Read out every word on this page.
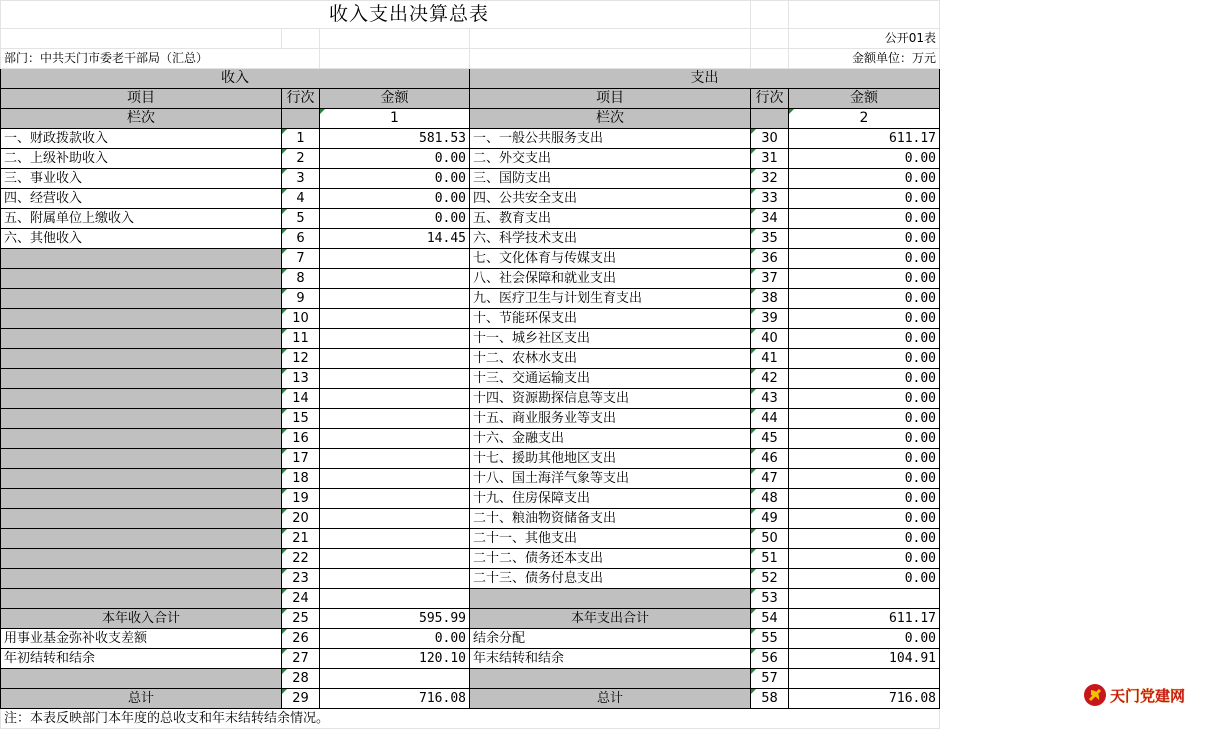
收入支出决算总表					
					公开01表
部门：中共天门市委老干部局（汇总）					金额单位：万元
收入			支出		
项目	行次	金额	项目	行次	金额
栏次		1	栏次		2
一、财政拨款收入	1	581.53	一、一般公共服务支出	30	611.17
二、上级补助收入	2	0.00	二、外交支出	31	0.00
三、事业收入	3	0.00	三、国防支出	32	0.00
四、经营收入	4	0.00	四、公共安全支出	33	0.00
五、附属单位上缴收入	5	0.00	五、教育支出	34	0.00
六、其他收入	6	14.45	六、科学技术支出	35	0.00
	7		七、文化体育与传媒支出	36	0.00
	8		八、社会保障和就业支出	37	0.00
	9		九、医疗卫生与计划生育支出	38	0.00
	10		十、节能环保支出	39	0.00
	11		十一、城乡社区支出	40	0.00
	12		十二、农林水支出	41	0.00
	13		十三、交通运输支出	42	0.00
	14		十四、资源勘探信息等支出	43	0.00
	15		十五、商业服务业等支出	44	0.00
	16		十六、金融支出	45	0.00
	17		十七、援助其他地区支出	46	0.00
	18		十八、国土海洋气象等支出	47	0.00
	19		十九、住房保障支出	48	0.00
	20		二十、粮油物资储备支出	49	0.00
	21		二十一、其他支出	50	0.00
	22		二十二、债务还本支出	51	0.00
	23		二十三、债务付息支出	52	0.00
	24			53	
本年收入合计	25	595.99	本年支出合计	54	611.17
用事业基金弥补收支差额	26	0.00	结余分配	55	0.00
年初结转和结余	27	120.10	年末结转和结余	56	104.91
	28			57	
总计	29	716.08	总计	58	716.08
注：本表反映部门本年度的总收支和年末结转结余情况。					
天门党建网
